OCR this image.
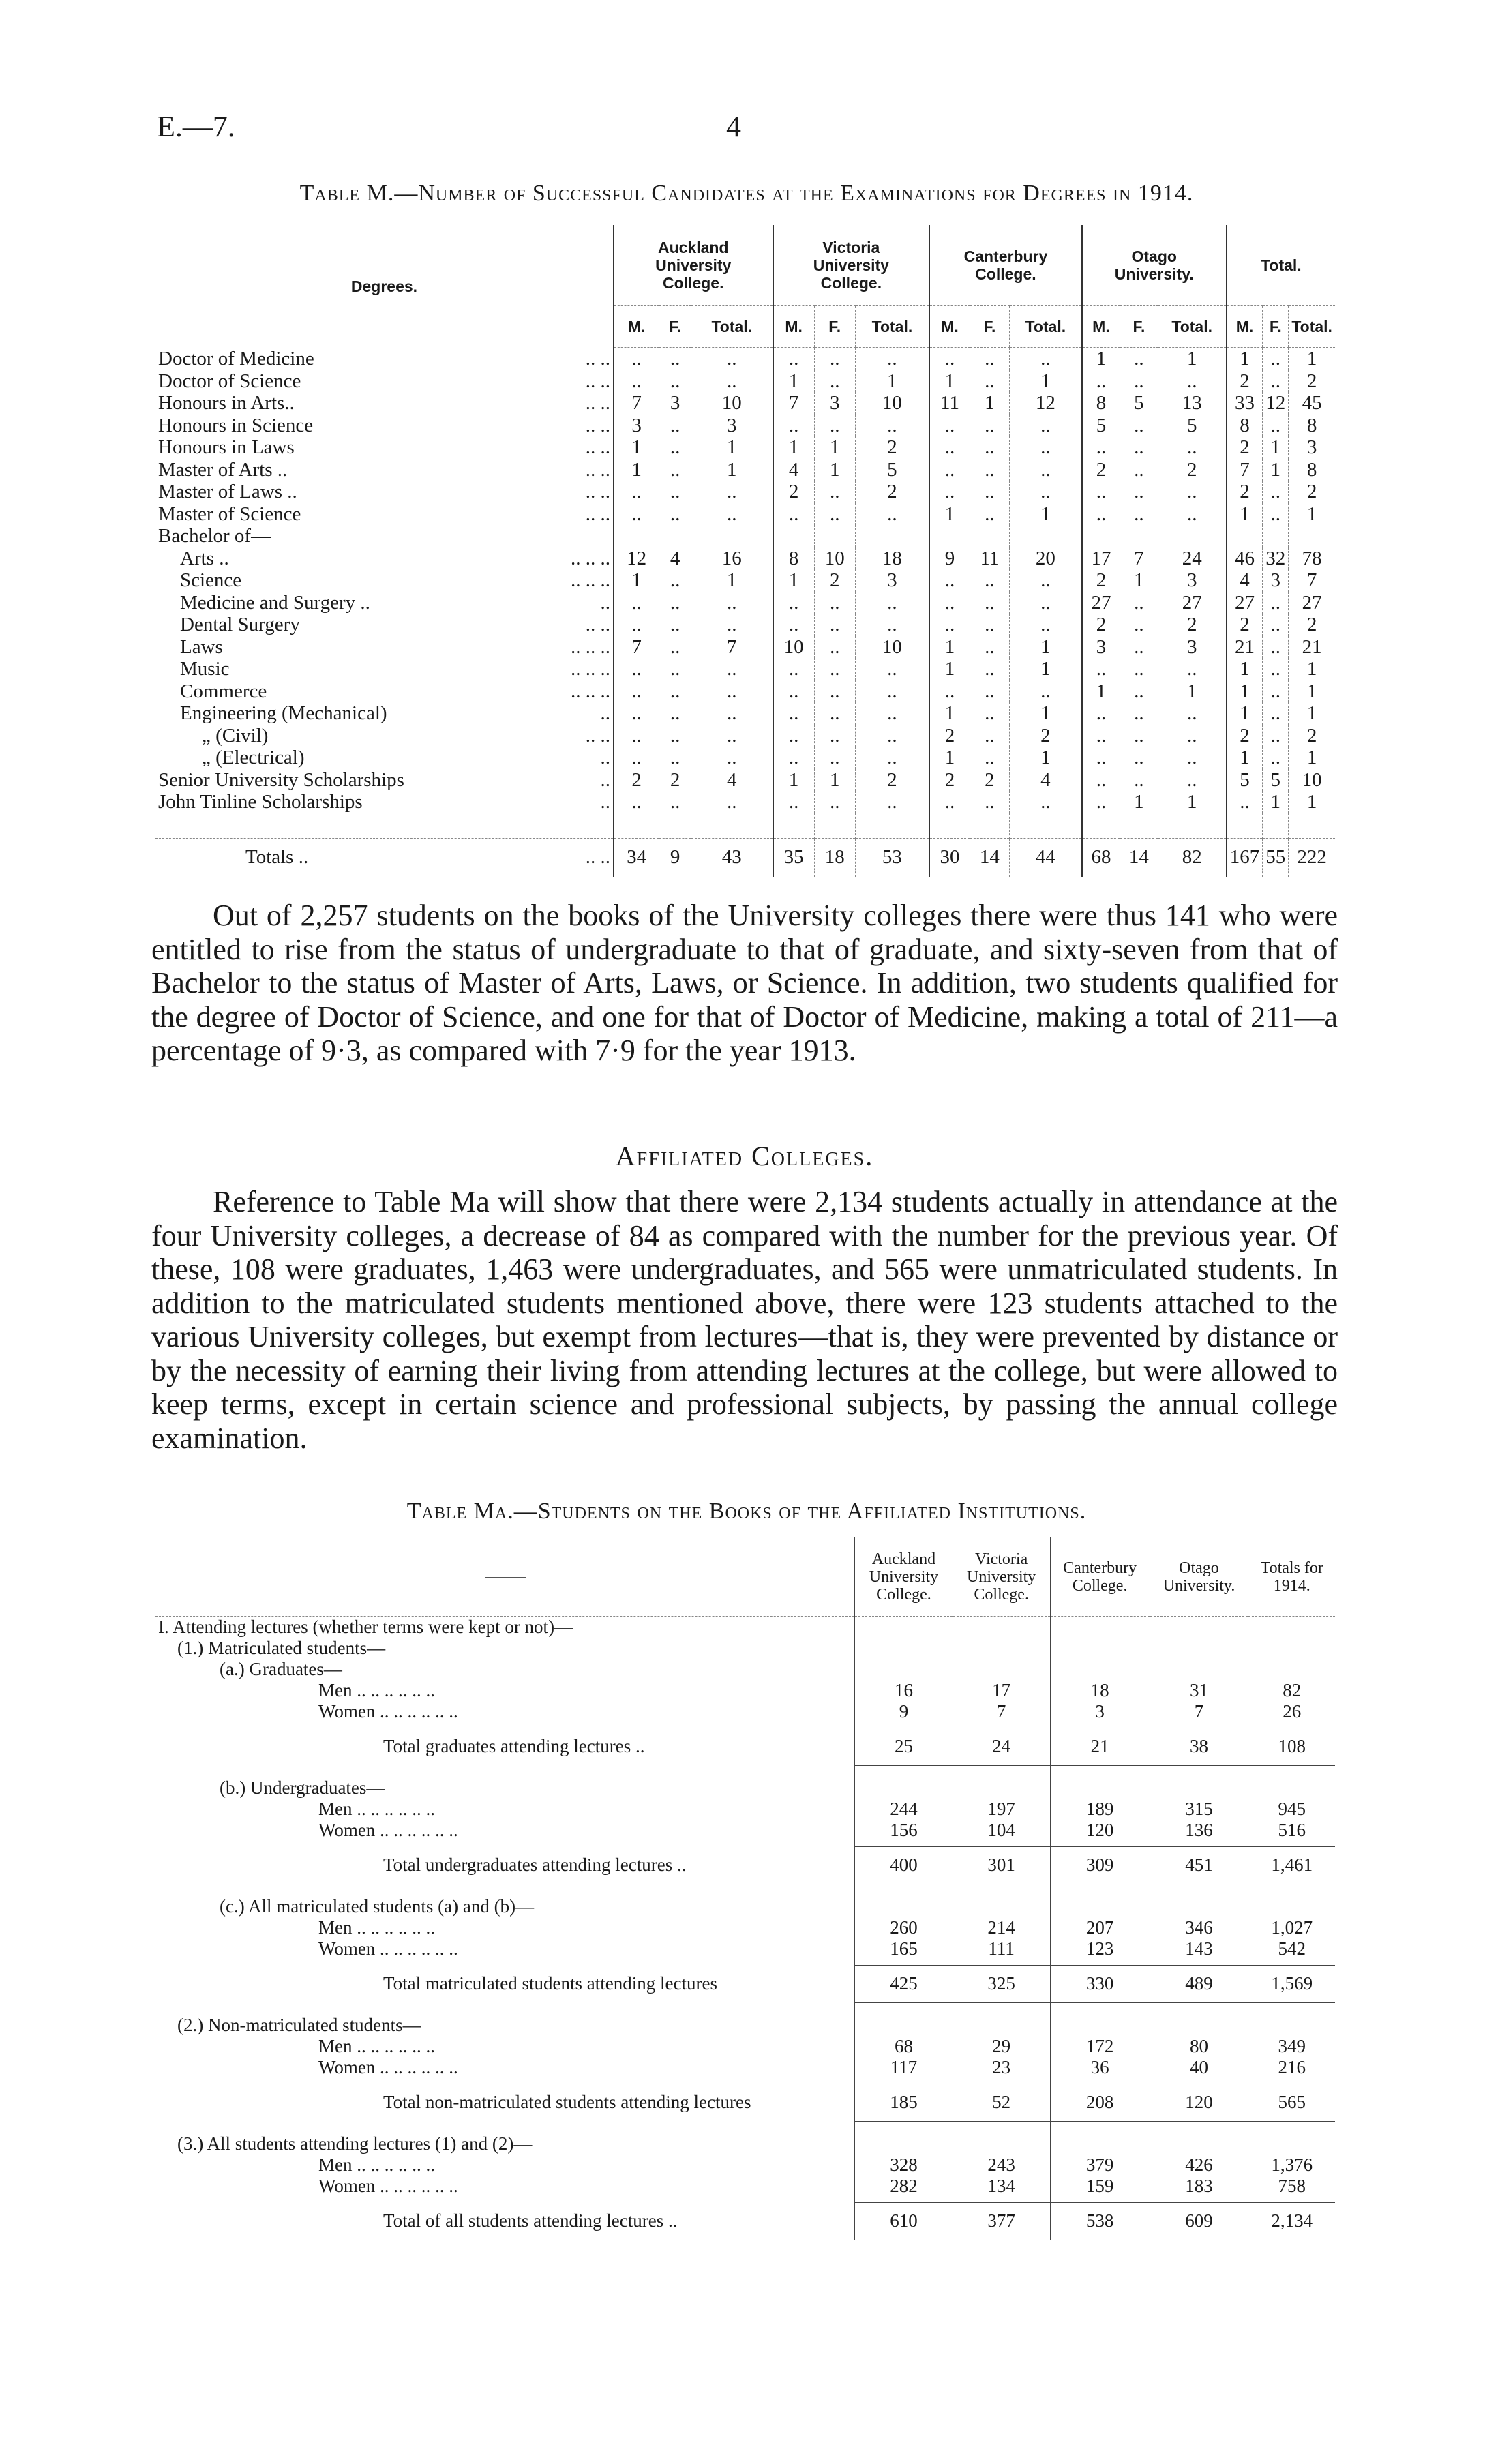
E.—7.	4
Table M.—Number of Successful Candidates at the Examinations for Degrees in 1914.
Degrees.	Auckland University College.			Victoria University College.			Canterbury College.			Otago University.			Total.		
	M.	F.	Total.	M.	F.	Total.	M.	F.	Total.	M.	F.	Total.	M.	F.	Total.
Doctor of Medicine .. ..	..	..	..	..	..	..	..	..	..	1	..	1	1	..	1
Doctor of Science .. ..	..	..	..	1	..	1	1	..	1	..	..	..	2	..	2
Honours in Arts.. .. ..	7	3	10	7	3	10	11	1	12	8	5	13	33	12	45
Honours in Science .. ..	3	..	3	..	..	..	..	..	..	5	..	5	8	..	8
Honours in Laws .. ..	1	..	1	1	1	2	..	..	..	..	..	..	2	1	3
Master of Arts .. .. ..	1	..	1	4	1	5	..	..	..	2	..	2	7	1	8
Master of Laws .. .. ..	..	..	..	2	..	2	..	..	..	..	..	..	2	..	2
Master of Science .. ..	..	..	..	..	..	..	1	..	1	..	..	..	1	..	1
Bachelor of—

Arts .. .. .. ..	12	4	16	8	10	18	9	11	20	17	7	24	46	32	78
Science .. .. ..	1	..	1	1	2	3	..	..	..	2	1	3	4	3	7
Medicine and Surgery .. ..	..	..	..	..	..	..	..	..	..	27	..	27	27	..	27
Dental Surgery .. ..	..	..	..	..	..	..	..	..	..	2	..	2	2	..	2
Laws .. .. ..	7	..	7	10	..	10	1	..	1	3	..	3	21	..	21
Music .. .. ..	..	..	..	..	..	..	1	..	1	..	..	..	1	..	1
Commerce .. .. ..	..	..	..	..	..	..	..	..	..	1	..	1	1	..	1
Engineering (Mechanical) ..	..	..	..	..	..	..	1	..	1	..	..	..	1	..	1
„ (Civil) .. ..	..	..	..	..	..	..	2	..	2	..	..	..	2	..	2
„ (Electrical) ..	..	..	..	..	..	..	1	..	1	..	..	..	1	..	1
Senior University Scholarships ..	2	2	4	1	1	2	2	2	4	..	..	..	5	5	10
John Tinline Scholarships ..	..	..	..	..	..	..	..	..	..	..	1	1	..	1	1

Totals .. .. ..	34	9	43	35	18	53	30	14	44	68	14	82	167	55	222

Out of 2,257 students on the books of the University colleges there were thus 141 who were entitled to rise from the status of undergraduate to that of graduate, and sixty-seven from that of Bachelor to the status of Master of Arts, Laws, or Science. In addition, two students qualified for the degree of Doctor of Science, and one for that of Doctor of Medicine, making a total of 211—a percentage of 9·3, as compared with 7·9 for the year 1913.

Affiliated Colleges.

Reference to Table Ma will show that there were 2,134 students actually in attendance at the four University colleges, a decrease of 84 as compared with the number for the previous year. Of these, 108 were graduates, 1,463 were undergraduates, and 565 were unmatriculated students. In addition to the matriculated students mentioned above, there were 123 students attached to the various University colleges, but exempt from lectures—that is, they were prevented by distance or by the necessity of earning their living from attending lectures at the college, but were allowed to keep terms, except in certain science and professional subjects, by passing the annual college examination.

Table Ma.—Students on the Books of the Affiliated Institutions.
	Auckland University College.	Victoria University College.	Canterbury College.	Otago University.	Totals for 1914.
I. Attending lectures (whether terms were kept or not)—					
(1.) Matriculated students—					
(a.) Graduates—					
Men .. .. .. .. .. ..	16	17	18	31	82
Women .. .. .. .. .. ..	9	7	3	7	26

Total graduates attending lectures ..	25	24	21	38	108

(b.) Undergraduates—					
Men .. .. .. .. .. ..	244	197	189	315	945
Women .. .. .. .. .. ..	156	104	120	136	516

Total undergraduates attending lectures ..	400	301	309	451	1,461

(c.) All matriculated students (a) and (b)—					
Men .. .. .. .. .. ..	260	214	207	346	1,027
Women .. .. .. .. .. ..	165	111	123	143	542

Total matriculated students attending lectures	425	325	330	489	1,569

(2.) Non-matriculated students—					
Men .. .. .. .. .. ..	68	29	172	80	349
Women .. .. .. .. .. ..	117	23	36	40	216

Total non-matriculated students attending lectures	185	52	208	120	565

(3.) All students attending lectures (1) and (2)—					
Men .. .. .. .. .. ..	328	243	379	426	1,376
Women .. .. .. .. .. ..	282	134	159	183	758

Total of all students attending lectures ..	610	377	538	609	2,134
